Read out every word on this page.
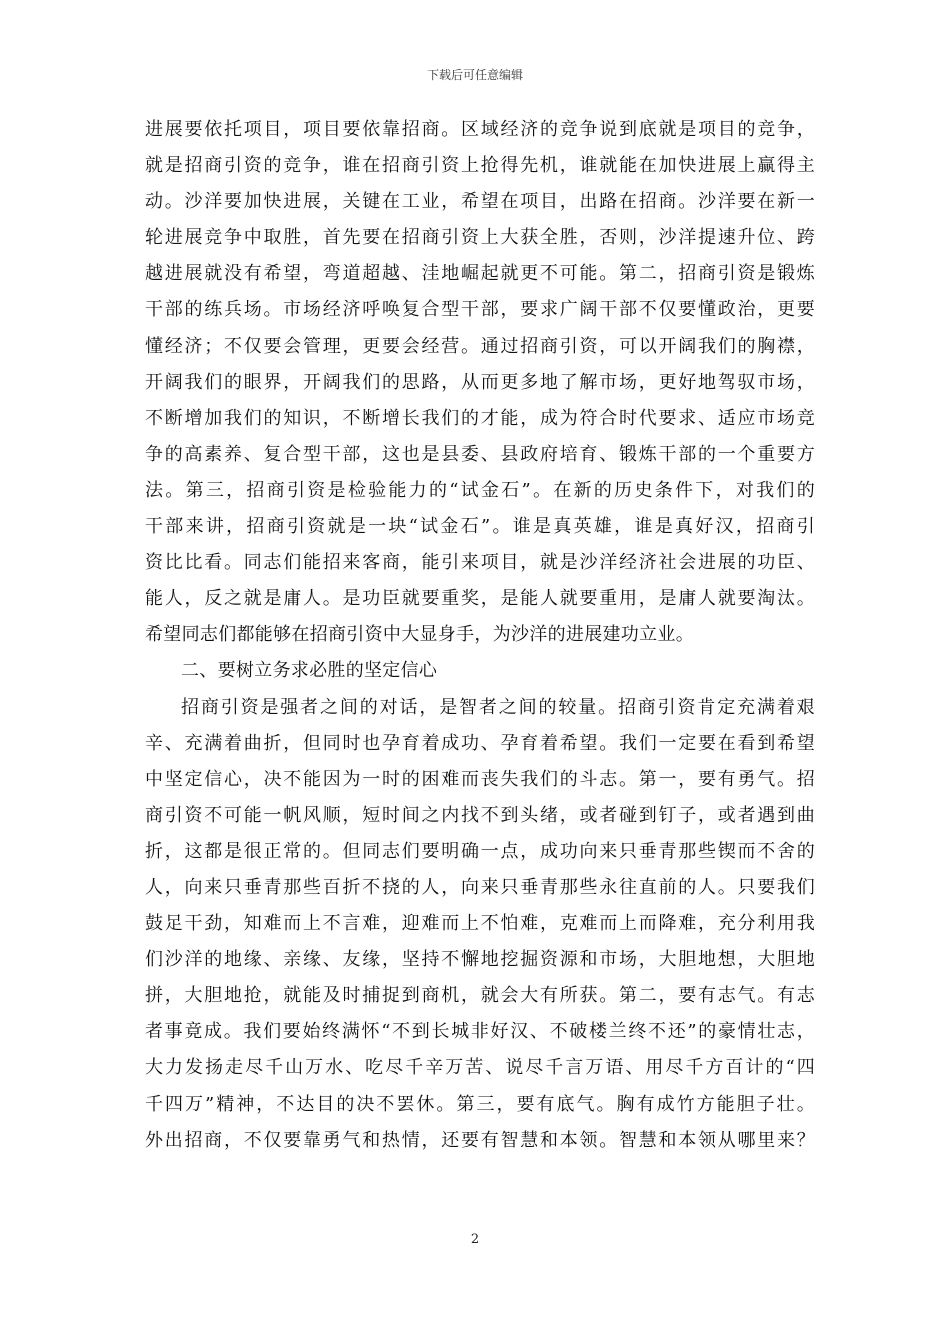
下载后可任意编辑
进展要依托项目，项目要依靠招商。区域经济的竞争说到底就是项目的竞争，
就是招商引资的竞争，谁在招商引资上抢得先机，谁就能在加快进展上赢得主
动。沙洋要加快进展，关键在工业，希望在项目，出路在招商。沙洋要在新一
轮进展竞争中取胜，首先要在招商引资上大获全胜，否则，沙洋提速升位、跨
越进展就没有希望，弯道超越、洼地崛起就更不可能。第二，招商引资是锻炼
干部的练兵场。市场经济呼唤复合型干部，要求广阔干部不仅要懂政治，更要
懂经济；不仅要会管理，更要会经营。通过招商引资，可以开阔我们的胸襟，
开阔我们的眼界，开阔我们的思路，从而更多地了解市场，更好地驾驭市场，
不断增加我们的知识，不断增长我们的才能，成为符合时代要求、适应市场竞
争的高素养、复合型干部，这也是县委、县政府培育、锻炼干部的一个重要方
法。第三，招商引资是检验能力的“试金石”。在新的历史条件下，对我们的
干部来讲，招商引资就是一块“试金石”。谁是真英雄，谁是真好汉，招商引
资比比看。同志们能招来客商，能引来项目，就是沙洋经济社会进展的功臣、
能人，反之就是庸人。是功臣就要重奖，是能人就要重用，是庸人就要淘汰。
希望同志们都能够在招商引资中大显身手，为沙洋的进展建功立业。
二、要树立务求必胜的坚定信心
招商引资是强者之间的对话，是智者之间的较量。招商引资肯定充满着艰
辛、充满着曲折，但同时也孕育着成功、孕育着希望。我们一定要在看到希望
中坚定信心，决不能因为一时的困难而丧失我们的斗志。第一，要有勇气。招
商引资不可能一帆风顺，短时间之内找不到头绪，或者碰到钉子，或者遇到曲
折，这都是很正常的。但同志们要明确一点，成功向来只垂青那些锲而不舍的
人，向来只垂青那些百折不挠的人，向来只垂青那些永往直前的人。只要我们
鼓足干劲，知难而上不言难，迎难而上不怕难，克难而上而降难，充分利用我
们沙洋的地缘、亲缘、友缘，坚持不懈地挖掘资源和市场，大胆地想，大胆地
拼，大胆地抢，就能及时捕捉到商机，就会大有所获。第二，要有志气。有志
者事竟成。我们要始终满怀“不到长城非好汉、不破楼兰终不还”的豪情壮志，
大力发扬走尽千山万水、吃尽千辛万苦、说尽千言万语、用尽千方百计的“四
千四万”精神，不达目的决不罢休。第三，要有底气。胸有成竹方能胆子壮。
外出招商，不仅要靠勇气和热情，还要有智慧和本领。智慧和本领从哪里来？
2
